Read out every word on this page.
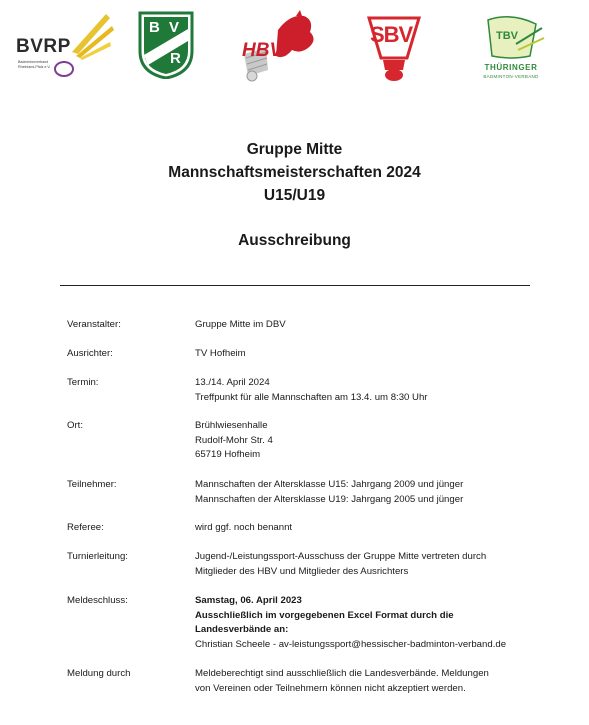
BVRP
Badmintonverband
Rheinland-Pfalz e.V.
B V
R	HBV
SBV	TBV
THÜRINGER
BADMINTON-VERBAND

Gruppe Mitte

Mannschaftsmeisterschaften 2024

U15/U19

Ausschreibung
Veranstalter:	Gruppe Mitte im DBV
Ausrichter:	TV Hofheim
Termin:	13./14. April 2024
Treffpunkt für alle Mannschaften am 13.4. um 8:30 Uhr
Ort:	Brühlwiesenhalle
Rudolf-Mohr Str. 4
65719 Hofheim
Teilnehmer:	Mannschaften der Altersklasse U15: Jahrgang 2009 und jünger
Mannschaften der Altersklasse U19: Jahrgang 2005 und jünger
Referee:	wird ggf. noch benannt
Turnierleitung:	Jugend-/Leistungssport-Ausschuss der Gruppe Mitte vertreten durch
Mitglieder des HBV und Mitglieder des Ausrichters
Meldeschluss:	Samstag, 06. April 2023
Ausschließlich im vorgegebenen Excel Format durch die
Landesverbände an:
Christian Scheele - av-leistungssport@hessischer-badminton-verband.de
Meldung durch	Meldeberechtigt sind ausschließlich die Landesverbände. Meldungen
von Vereinen oder Teilnehmern können nicht akzeptiert werden.
